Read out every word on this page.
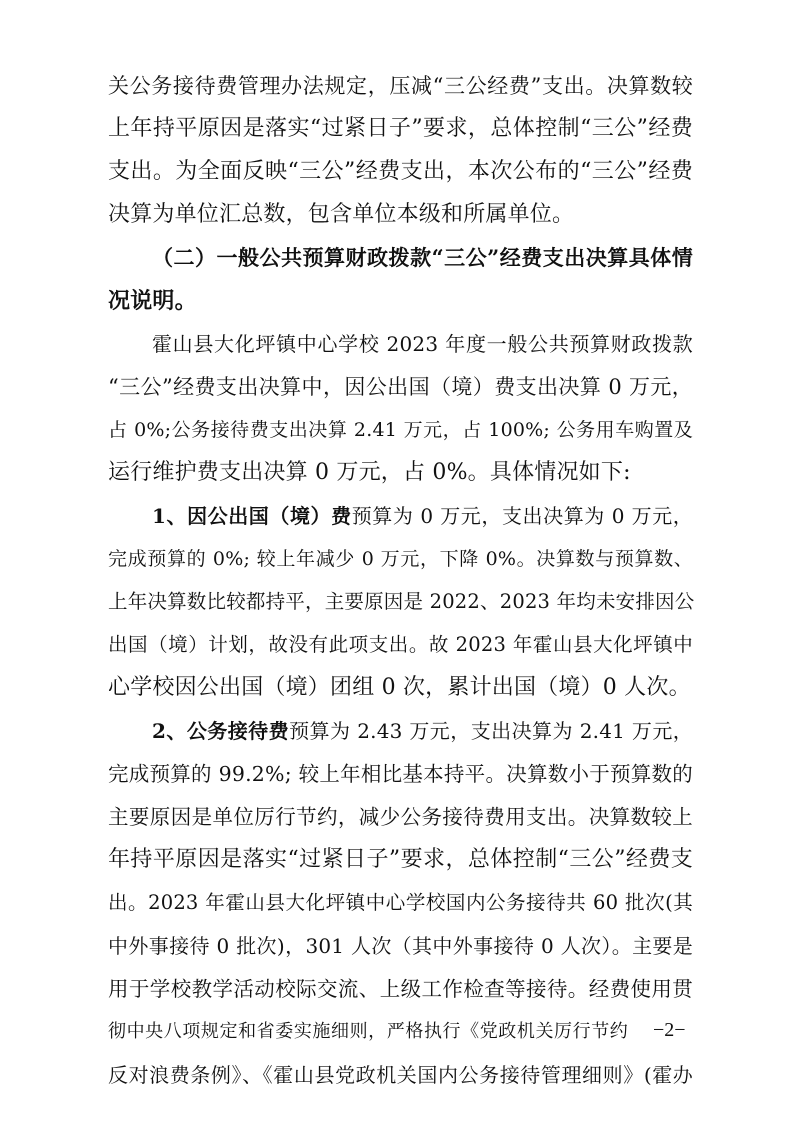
关公务接待费管理办法规定，压减“三公经费”支出。决算数较
上年持平原因是落实“过紧日子”要求，总体控制“三公”经费
支出。为全面反映“三公”经费支出，本次公布的“三公”经费
决算为单位汇总数，包含单位本级和所属单位。
（二）一般公共预算财政拨款“三公”经费支出决算具体情
况说明。
霍山县大化坪镇中心学校 2023 年度一般公共预算财政拨款
“三公”经费支出决算中，因公出国（境）费支出决算 0 万元，
占 0%;公务接待费支出决算 2.41 万元，占 100%; 公务用车购置及
运行维护费支出决算 0 万元，占 0%。具体情况如下:
1、因公出国（境）费预算为 0 万元，支出决算为 0 万元，
完成预算的 0%; 较上年减少 0 万元，下降 0%。决算数与预算数、
上年决算数比较都持平，主要原因是 2022、2023 年均未安排因公
出国（境）计划，故没有此项支出。故 2023 年霍山县大化坪镇中
心学校因公出国（境）团组 0 次，累计出国（境）0 人次。
2、公务接待费预算为 2.43 万元，支出决算为 2.41 万元，
完成预算的 99.2%; 较上年相比基本持平。决算数小于预算数的
主要原因是单位厉行节约，减少公务接待费用支出。决算数较上
年持平原因是落实“过紧日子”要求，总体控制“三公”经费支
出。2023 年霍山县大化坪镇中心学校国内公务接待共 60 批次(其
中外事接待 0 批次)，301 人次（其中外事接待 0 人次）。主要是
用于学校教学活动校际交流、上级工作检查等接待。经费使用贯
彻中央八项规定和省委实施细则，严格执行《党政机关厉行节约
反对浪费条例》、《霍山县党政机关国内公务接待管理细则》(霍办
−2−
